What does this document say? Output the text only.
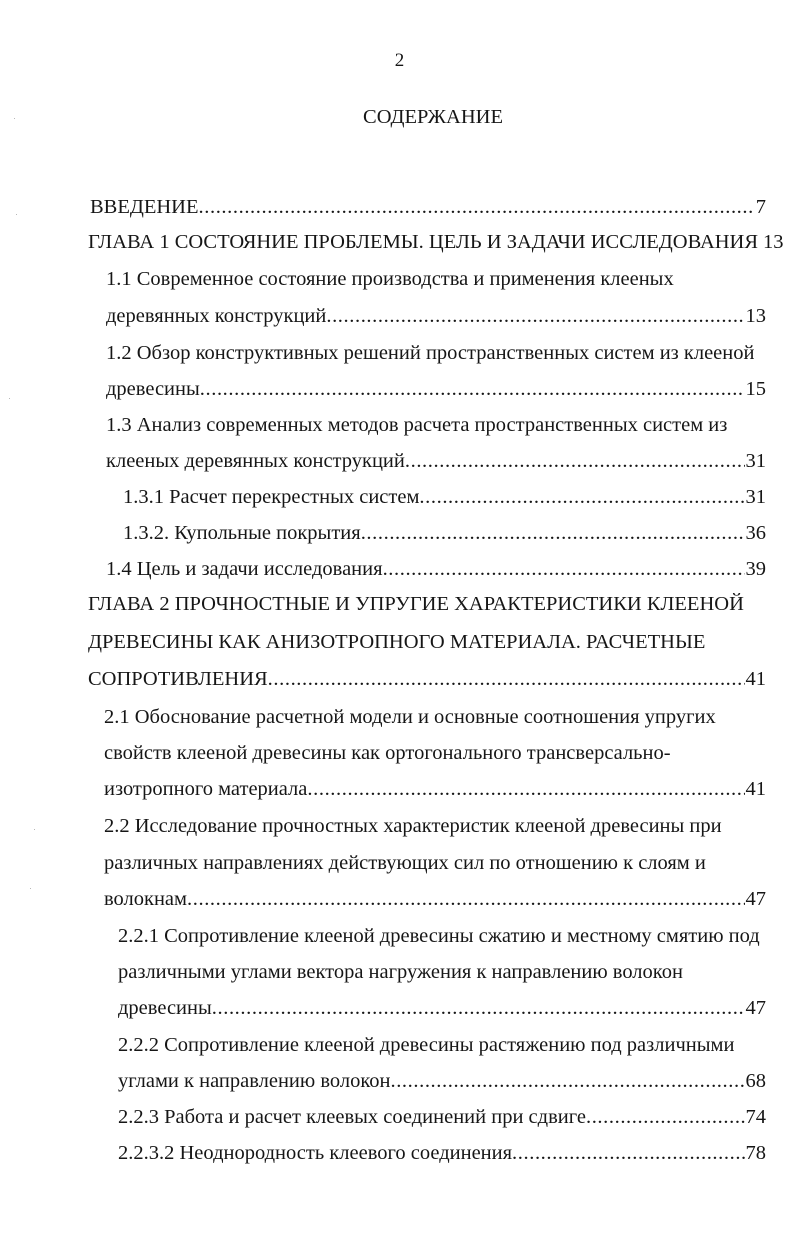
2
СОДЕРЖАНИЕ
ВВЕДЕНИЕ .....	7
ГЛАВА 1 СОСТОЯНИЕ ПРОБЛЕМЫ. ЦЕЛЬ И ЗАДАЧИ ИССЛЕДОВАНИЯ 13
1.1 Современное состояние производства и применения клееных
деревянных конструкций .....	13
1.2 Обзор конструктивных решений пространственных систем из клееной
древесины .....	15
1.3 Анализ современных методов расчета пространственных систем из
клееных деревянных конструкций .....	31
1.3.1 Расчет перекрестных систем .....	31
1.3.2. Купольные покрытия .....	36
1.4 Цель и задачи исследования .....	39
ГЛАВА 2 ПРОЧНОСТНЫЕ И УПРУГИЕ ХАРАКТЕРИСТИКИ КЛЕЕНОЙ
ДРЕВЕСИНЫ КАК АНИЗОТРОПНОГО МАТЕРИАЛА. РАСЧЕТНЫЕ
СОПРОТИВЛЕНИЯ .....	41
2.1 Обоснование расчетной модели и основные соотношения упругих
свойств клееной древесины как ортогонального трансверсально-
изотропного материала .....	41
2.2 Исследование прочностных характеристик клееной древесины при
различных направлениях действующих сил по отношению к слоям и
волокнам .....	47
2.2.1 Сопротивление клееной древесины сжатию и местному смятию под
различными углами вектора нагружения к направлению волокон
древесины .....	47
2.2.2 Сопротивление клееной древесины растяжению под различными
углами к направлению волокон .....	68
2.2.3 Работа и расчет клеевых соединений при сдвиге .....	74
2.2.3.2 Неоднородность клеевого соединения .....	78
